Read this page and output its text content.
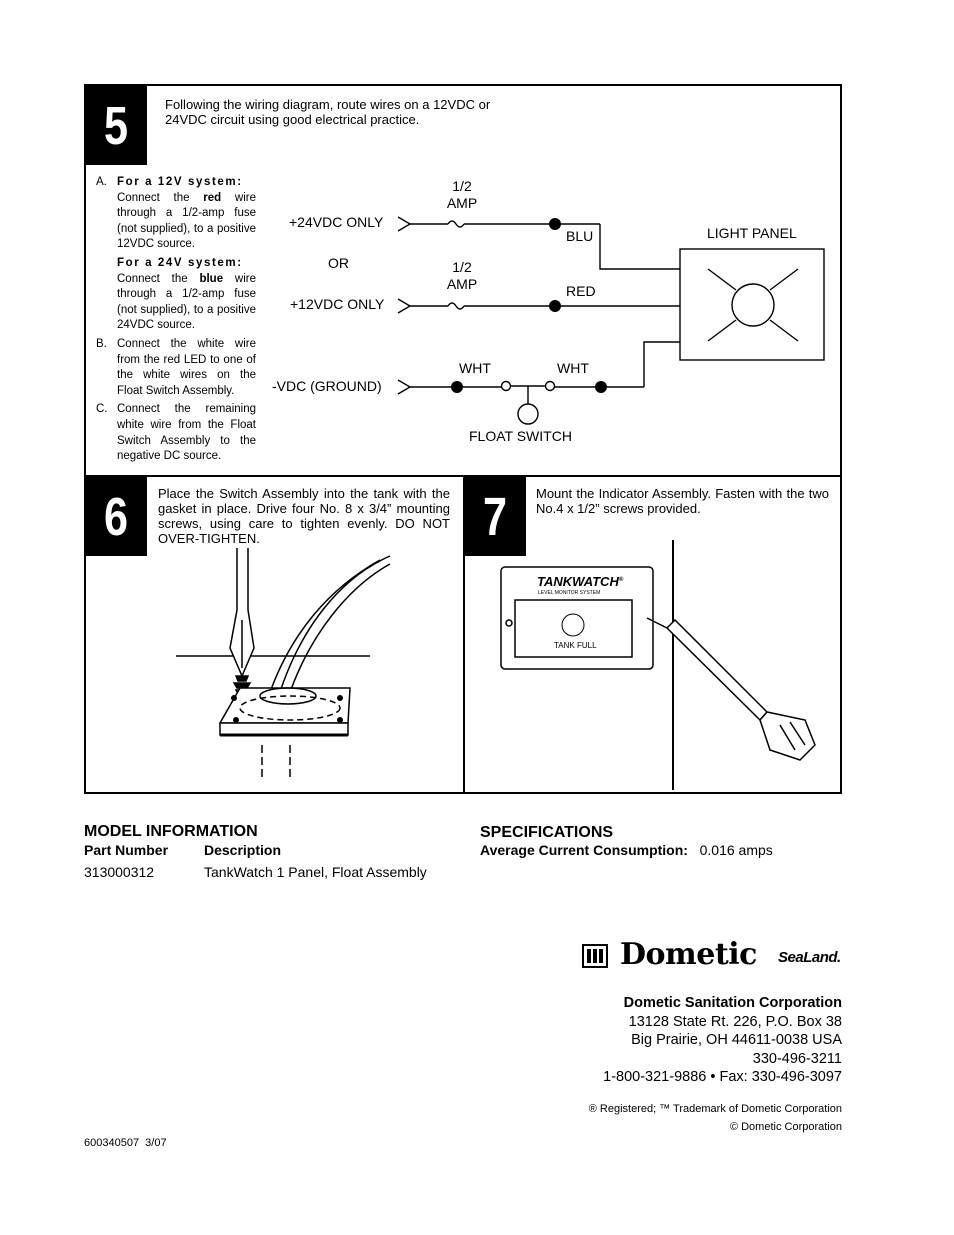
5	Following the wiring diagram, route wires on a 12VDC or 24VDC circuit using good electrical practice.
A. For a 12V system:
Connect the red wire through a 1/2-amp fuse (not supplied), to a positive 12VDC source.
For a 24V system:
Connect the blue wire through a 1/2-amp fuse (not supplied), to a positive 24VDC source.
B. Connect the white wire from the red LED to one of the white wires on the Float Switch Assembly.
C. Connect the remaining white wire from the Float Switch Assembly to the negative DC source.
1/2
AMP
1/2
AMP
+24VDC ONLY
OR
+12VDC ONLY
-VDC (GROUND)
BLU
RED
WHT	WHT
LIGHT PANEL
FLOAT SWITCH
6 Place the Switch Assembly into the tank with the gasket in place. Drive four No. 8 x 3/4” mounting screws, using care to tighten evenly. DO NOT OVER-TIGHTEN.	7 Mount the Indicator Assembly. Fasten with the two No.4 x 1/2” screws provided.
TANKWATCH®
LEVEL MONITOR SYSTEM
TANK FULL
MODEL INFORMATION
Part Number	Description
313000312	TankWatch 1 Panel, Float Assembly
SPECIFICATIONS
Average Current Consumption: 0.016 amps
Dometic SeaLand.
Dometic Sanitation Corporation
13128 State Rt. 226, P.O. Box 38
Big Prairie, OH 44611-0038 USA
330-496-3211
1-800-321-9886 • Fax: 330-496-3097
® Registered; ™ Trademark of Dometic Corporation
© Dometic Corporation
600340507  3/07
